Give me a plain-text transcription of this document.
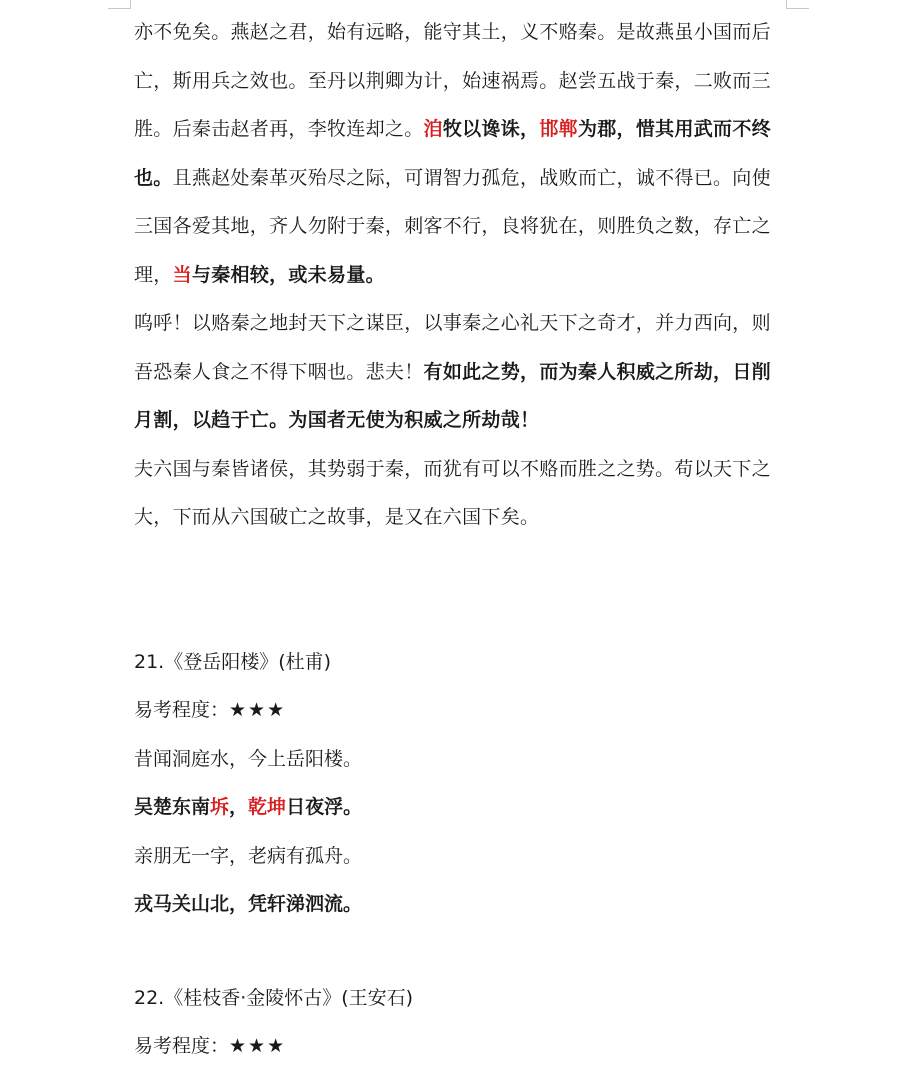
亦不免矣。燕赵之君，始有远略，能守其土，义不赂秦。是故燕虽小国而后亡，斯用兵之效也。至丹以荆卿为计，始速祸焉。赵尝五战于秦，二败而三胜。后秦击赵者再，李牧连却之。洎牧以谗诛，邯郸为郡，惜其用武而不终也。且燕赵处秦革灭殆尽之际，可谓智力孤危，战败而亡，诚不得已。向使三国各爱其地，齐人勿附于秦，刺客不行，良将犹在，则胜负之数，存亡之理，当与秦相较，或未易量。

呜呼！以赂秦之地封天下之谋臣，以事秦之心礼天下之奇才，并力西向，则吾恐秦人食之不得下咽也。悲夫！有如此之势，而为秦人积威之所劫，日削月割，以趋于亡。为国者无使为积威之所劫哉！

夫六国与秦皆诸侯，其势弱于秦，而犹有可以不赂而胜之之势。苟以天下之大，下而从六国破亡之故事，是又在六国下矣。

21.《登岳阳楼》(杜甫)

易考程度：★★★

昔闻洞庭水，今上岳阳楼。

吴楚东南坼，乾坤日夜浮。

亲朋无一字，老病有孤舟。

戎马关山北，凭轩涕泗流。

22.《桂枝香·金陵怀古》(王安石)

易考程度：★★★
